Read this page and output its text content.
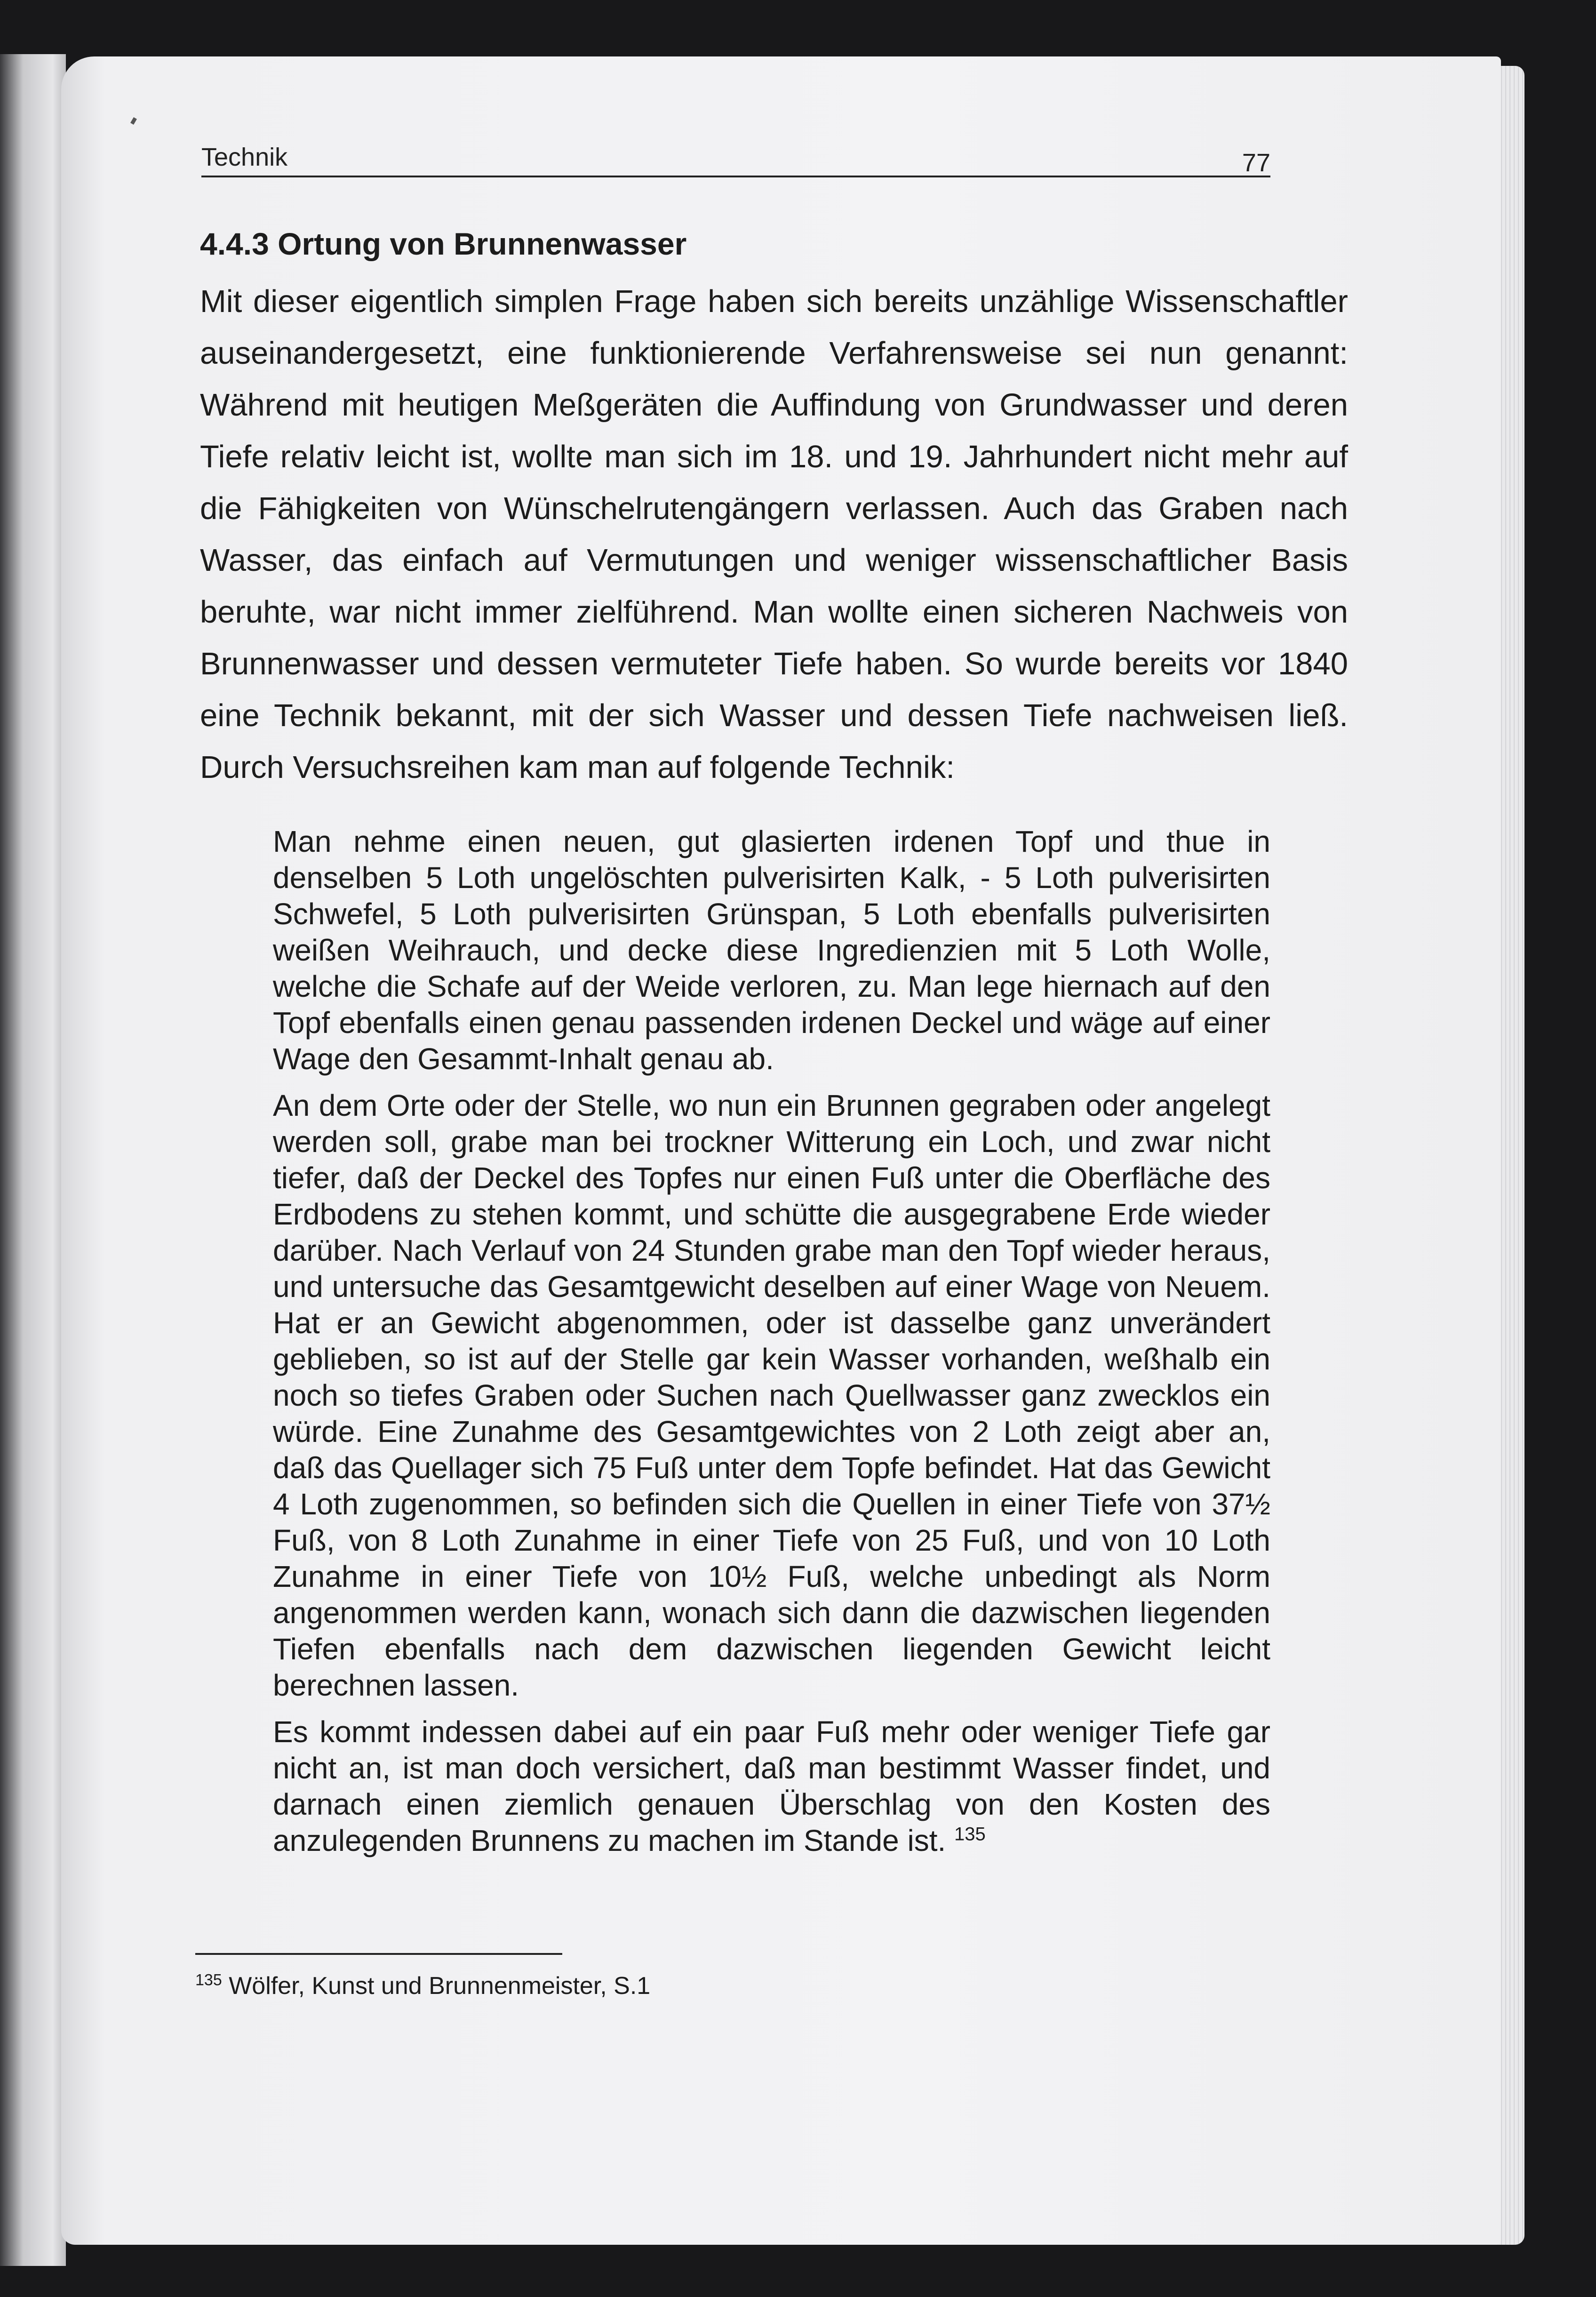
Technik	77
4.4.3 Ortung von Brunnenwasser

Mit dieser eigentlich simplen Frage haben sich bereits unzählige Wissenschaftler auseinandergesetzt, eine funktionierende Verfahrensweise sei nun genannt: Während mit heutigen Meßgeräten die Auffindung von Grundwasser und deren Tiefe relativ leicht ist, wollte man sich im 18. und 19. Jahrhundert nicht mehr auf die Fähigkeiten von Wünschelrutengängern verlassen. Auch das Graben nach Wasser, das einfach auf Vermutungen und weniger wissenschaftlicher Basis beruhte, war nicht immer zielführend. Man wollte einen sicheren Nachweis von Brunnenwasser und dessen vermuteter Tiefe haben. So wurde bereits vor 1840 eine Technik bekannt, mit der sich Wasser und dessen Tiefe nachweisen ließ. Durch Versuchsreihen kam man auf folgende Technik:

Man nehme einen neuen, gut glasierten irdenen Topf und thue in denselben 5 Loth ungelöschten pulverisirten Kalk, - 5 Loth pulverisirten Schwefel, 5 Loth pulverisirten Grünspan, 5 Loth ebenfalls pulverisirten weißen Weihrauch, und decke diese Ingredienzien mit 5 Loth Wolle, welche die Schafe auf der Weide verloren, zu. Man lege hiernach auf den Topf ebenfalls einen genau passenden irdenen Deckel und wäge auf einer Wage den Gesammt-Inhalt genau ab.

An dem Orte oder der Stelle, wo nun ein Brunnen gegraben oder angelegt werden soll, grabe man bei trockner Witterung ein Loch, und zwar nicht tiefer, daß der Deckel des Topfes nur einen Fuß unter die Oberfläche des Erdbodens zu stehen kommt, und schütte die ausgegrabene Erde wieder darüber. Nach Verlauf von 24 Stunden grabe man den Topf wieder heraus, und untersuche das Gesamtgewicht deselben auf einer Wage von Neuem. Hat er an Gewicht abgenommen, oder ist dasselbe ganz unverändert geblieben, so ist auf der Stelle gar kein Wasser vorhanden, weßhalb ein noch so tiefes Graben oder Suchen nach Quellwasser ganz zwecklos ein würde. Eine Zunahme des Gesamtgewichtes von 2 Loth zeigt aber an, daß das Quellager sich 75 Fuß unter dem Topfe befindet. Hat das Gewicht 4 Loth zugenommen, so befinden sich die Quellen in einer Tiefe von 37½ Fuß, von 8 Loth Zunahme in einer Tiefe von 25 Fuß, und von 10 Loth Zunahme in einer Tiefe von 10½ Fuß, welche unbedingt als Norm angenommen werden kann, wonach sich dann die dazwischen liegenden Tiefen ebenfalls nach dem dazwischen liegenden Gewicht leicht berechnen lassen.

Es kommt indessen dabei auf ein paar Fuß mehr oder weniger Tiefe gar nicht an, ist man doch versichert, daß man bestimmt Wasser findet, und darnach einen ziemlich genauen Überschlag von den Kosten des anzulegenden Brunnens zu machen im Stande ist. $^{135}$

$^{135}$ Wölfer, Kunst und Brunnenmeister, S.1
